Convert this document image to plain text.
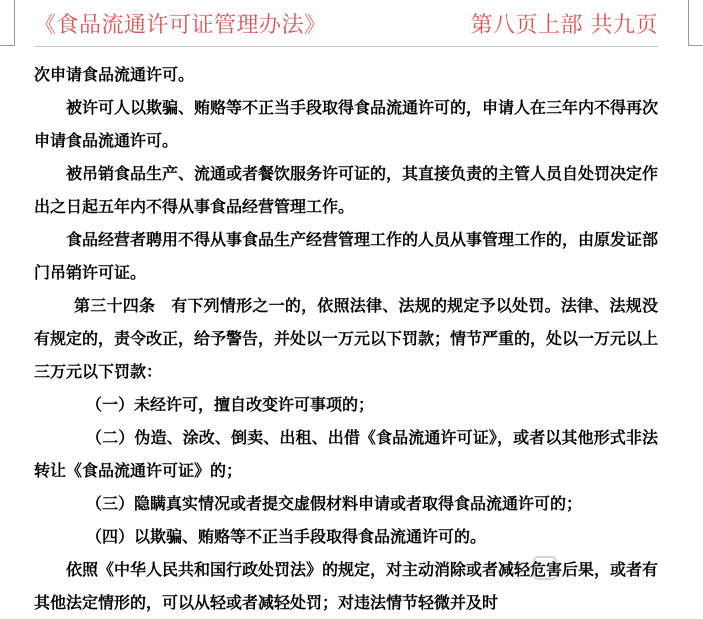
《食品流通许可证管理办法》	第八页上部 共九页

次申请食品流通许可。

被许可人以欺骗、贿赂等不正当手段取得食品流通许可的，申请人在三年内不得再次申请食品流通许可。

被吊销食品生产、流通或者餐饮服务许可证的，其直接负责的主管人员自处罚决定作出之日起五年内不得从事食品经营管理工作。

食品经营者聘用不得从事食品生产经营管理工作的人员从事管理工作的，由原发证部门吊销许可证。

第三十四条 有下列情形之一的，依照法律、法规的规定予以处罚。法律、法规没有规定的，责令改正，给予警告，并处以一万元以下罚款；情节严重的，处以一万元以上三万元以下罚款：

（一）未经许可，擅自改变许可事项的；

（二）伪造、涂改、倒卖、出租、出借《食品流通许可证》，或者以其他形式非法转让《食品流通许可证》的；

（三）隐瞒真实情况或者提交虚假材料申请或者取得食品流通许可的；

（四）以欺骗、贿赂等不正当手段取得食品流通许可的。

依照《中华人民共和国行政处罚法》的规定，对主动消除或者减轻危害后果，或者有其他法定情形的，可以从轻或者减轻处罚；对违法情节轻微并及时
